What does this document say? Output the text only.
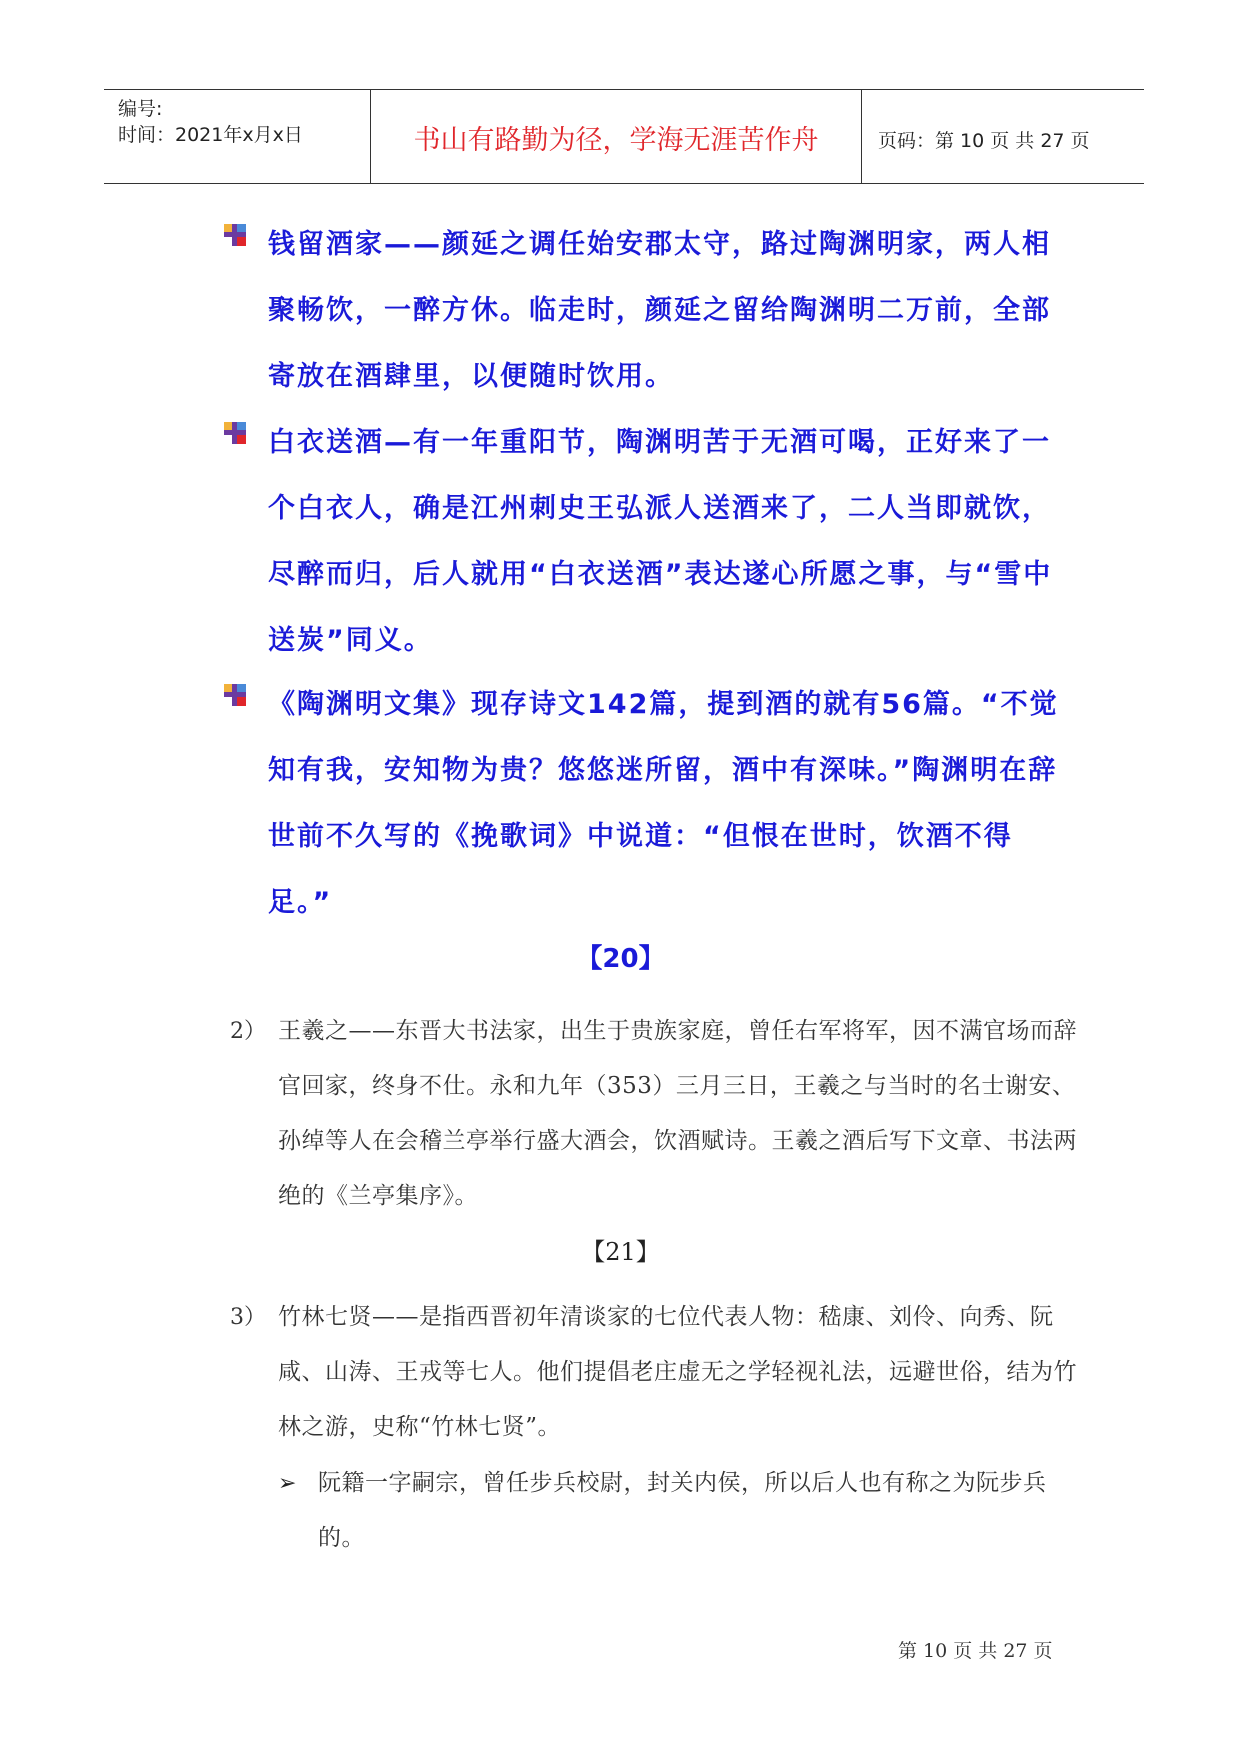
编号:
时间：2021年x月x日	书山有路勤为径，学海无涯苦作舟	页码：第 10 页 共 27 页

钱留酒家——颜延之调任始安郡太守，路过陶渊明家，两人相聚畅饮，一醉方休。临走时，颜延之留给陶渊明二万前，全部寄放在酒肆里，以便随时饮用。

白衣送酒—有一年重阳节，陶渊明苦于无酒可喝，正好来了一个白衣人，确是江州刺史王弘派人送酒来了，二人当即就饮，尽醉而归，后人就用“白衣送酒”表达遂心所愿之事，与“雪中送炭”同义。

《陶渊明文集》现存诗文142篇，提到酒的就有56篇。“不觉知有我，安知物为贵？悠悠迷所留，酒中有深味。”陶渊明在辞世前不久写的《挽歌词》中说道：“但恨在世时，饮酒不得足。”

【20】
2） 王羲之——东晋大书法家，出生于贵族家庭，曾任右军将军，因不满官场而辞官回家，终身不仕。永和九年（353）三月三日，王羲之与当时的名士谢安、孙绰等人在会稽兰亭举行盛大酒会，饮酒赋诗。王羲之酒后写下文章、书法两绝的《兰亭集序》。

【21】
3） 竹林七贤——是指西晋初年清谈家的七位代表人物：嵇康、刘伶、向秀、阮咸、山涛、王戎等七人。他们提倡老庄虚无之学轻视礼法，远避世俗，结为竹林之游，史称“竹林七贤”。

➢ 阮籍一字嗣宗，曾任步兵校尉，封关内侯，所以后人也有称之为阮步兵的。

第 10 页 共 27 页
